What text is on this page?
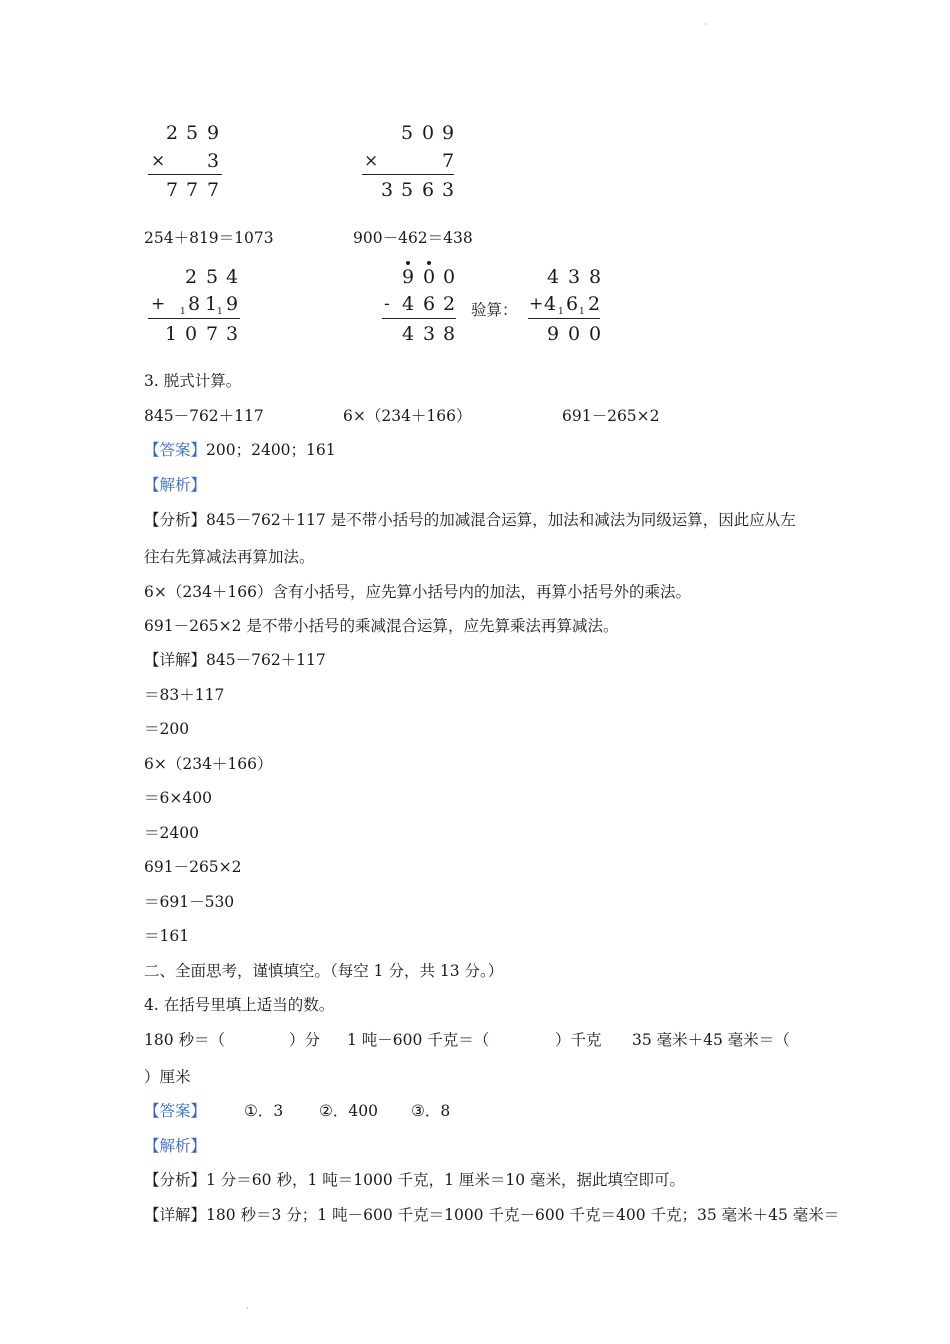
·
2 5 9
× 3
7 7 7
5 0 9
×	7
3 5 6 3
254＋819＝1073	900－462＝438
2 5 4
+ 1 8 1 1 9
1 0 7 3
9 0 0
- 4 6 2
4 3 8
验算：
4 3 8
+ 4 1 6 1 2
9 0 0
3. 脱式计算。
845－762＋117	6×（234＋166）	691－265×2
【答案】200；2400；161
【解析】
【分析】845－762＋117 是不带小括号的加减混合运算，加法和减法为同级运算，因此应从左
往右先算减法再算加法。
6×（234＋166）含有小括号，应先算小括号内的加法，再算小括号外的乘法。
691－265×2 是不带小括号的乘减混合运算，应先算乘法再算减法。
【详解】845－762＋117
＝83＋117
＝200
6×（234＋166）
＝6×400
＝2400
691－265×2
＝691－530
＝161
二、全面思考，谨慎填空。（每空 1 分，共 13 分。）
4. 在括号里填上适当的数。
180 秒＝（	）分 1 吨－600 千克＝（	）千克 35 毫米＋45 毫米＝（
）厘米
【答案】 ①．3 ②．400 ③．8
【解析】
【分析】1 分＝60 秒，1 吨＝1000 千克，1 厘米＝10 毫米，据此填空即可。
【详解】180 秒＝3 分；1 吨－600 千克＝1000 千克－600 千克＝400 千克；35 毫米＋45 毫米＝
·
